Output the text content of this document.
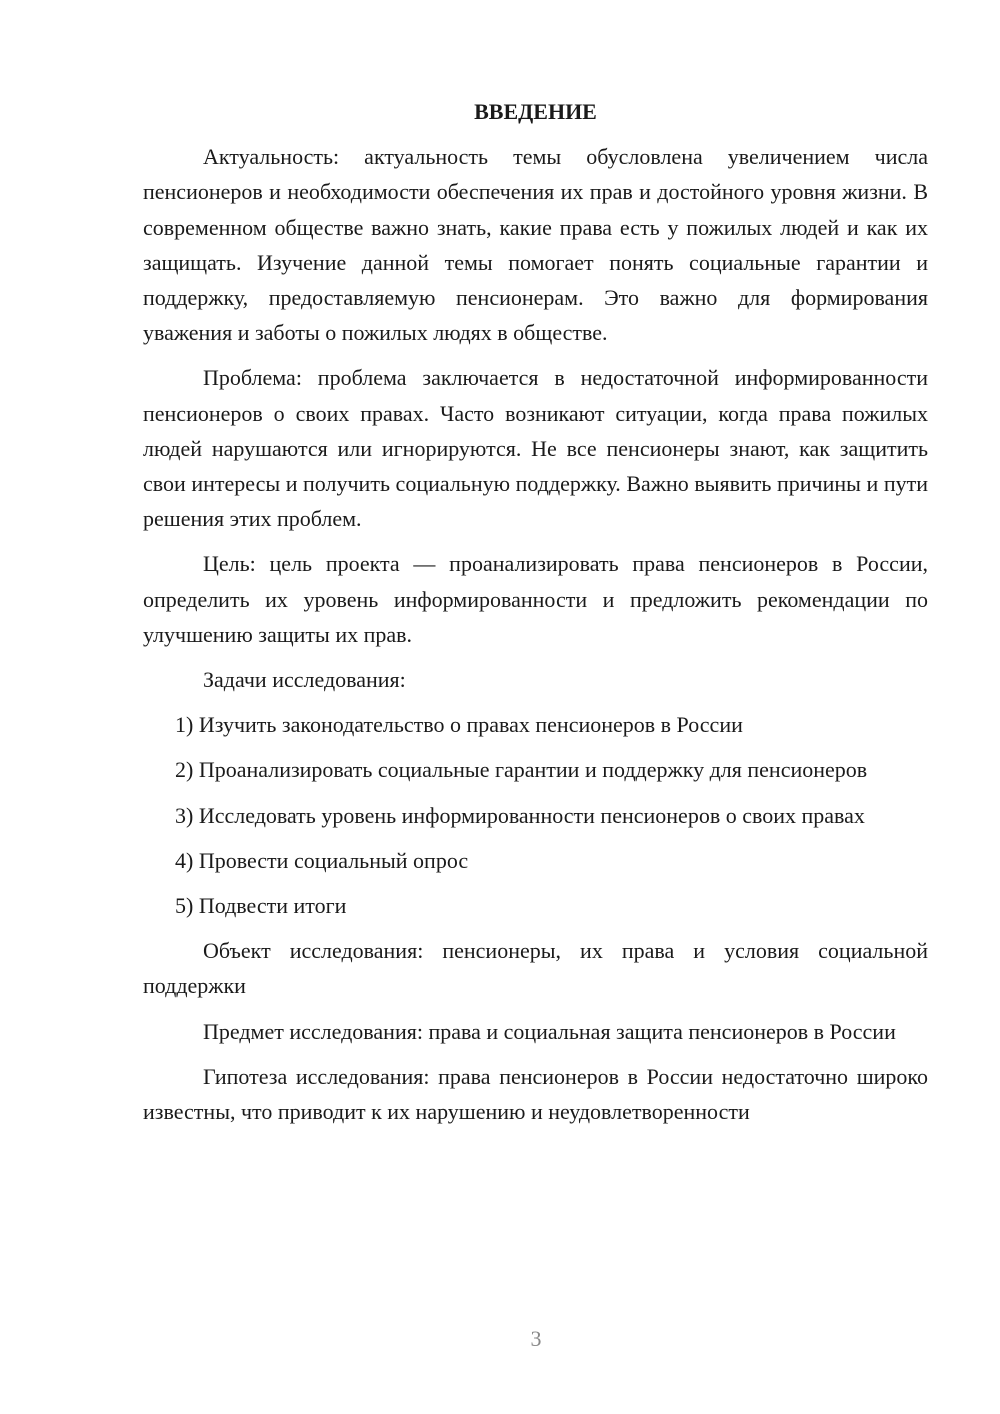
ВВЕДЕНИЕ

Актуальность: актуальность темы обусловлена увеличением числа пенсионеров и необходимости обеспечения их прав и достойного уровня жизни. В современном обществе важно знать, какие права есть у пожилых людей и как их защищать. Изучение данной темы помогает понять социальные гарантии и поддержку, предоставляемую пенсионерам. Это важно для формирования уважения и заботы о пожилых людях в обществе.

Проблема: проблема заключается в недостаточной информированности пенсионеров о своих правах. Часто возникают ситуации, когда права пожилых людей нарушаются или игнорируются. Не все пенсионеры знают, как защитить свои интересы и получить социальную поддержку. Важно выявить причины и пути решения этих проблем.

Цель: цель проекта — проанализировать права пенсионеров в России, определить их уровень информированности и предложить рекомендации по улучшению защиты их прав.

Задачи исследования:

1) Изучить законодательство о правах пенсионеров в России

2) Проанализировать социальные гарантии и поддержку для пенсионеров

3) Исследовать уровень информированности пенсионеров о своих правах

4) Провести социальный опрос

5) Подвести итоги

Объект исследования: пенсионеры, их права и условия социальной поддержки

Предмет исследования: права и социальная защита пенсионеров в России

Гипотеза исследования: права пенсионеров в России недостаточно широко известны, что приводит к их нарушению и неудовлетворенности

3
